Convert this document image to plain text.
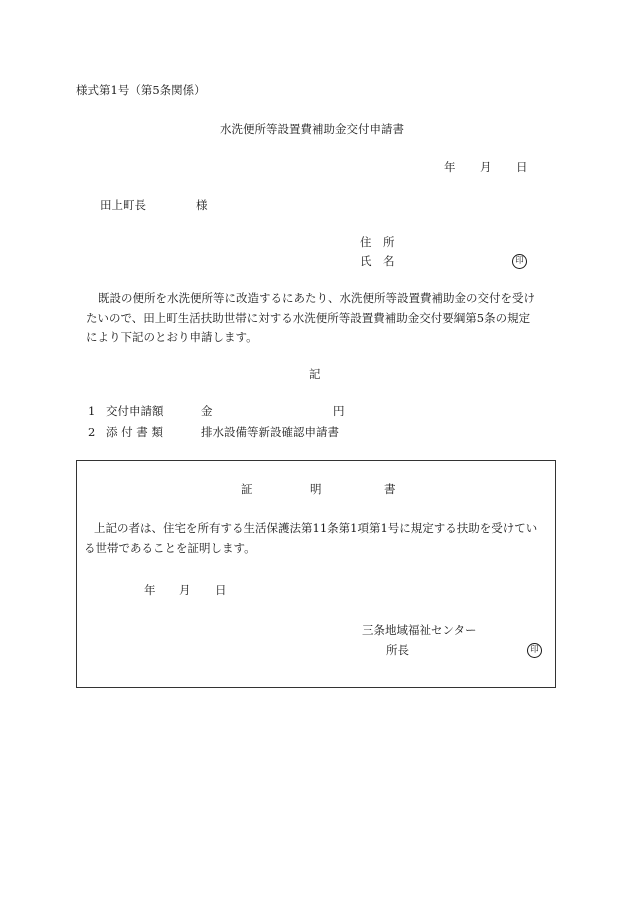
様式第1号（第5条関係）
水洗便所等設置費補助金交付申請書
年 月 日
田上町長	様
住　所
氏　名	印
既設の便所を水洗便所等に改造するにあたり、水洗便所等設置費補助金の交付を受け
たいので、田上町生活扶助世帯に対する水洗便所等設置費補助金交付要綱第5条の規定
により下記のとおり申請します。
記
1 交付申請額	金	円
2 添 付 書 類	排水設備等新設確認申請書
証	明	書
上記の者は、住宅を所有する生活保護法第11条第1項第1号に規定する扶助を受けてい
る世帯であることを証明します。
年 月 日
三条地域福祉センター
所長	印
